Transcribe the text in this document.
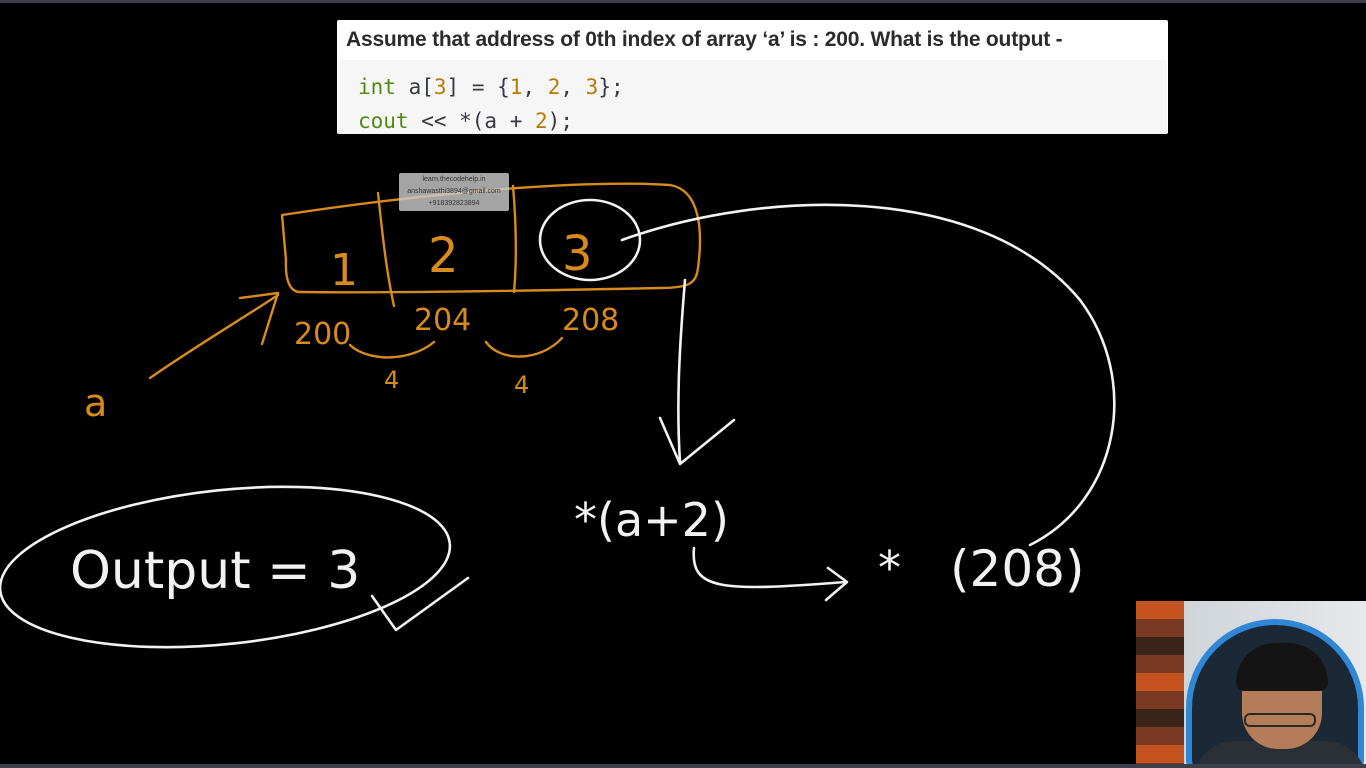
Assume that address of 0th index of array ‘a’ is : 200. What is the output -

int a[3] = {1, 2, 3};
cout << *(a + 2);
1 2 3
200 204	208
4	4
a
*(a+2)
* (208)
Output = 3
learn.thecodehelp.in
anshawasthi3894@gmail.com
+918392823894
